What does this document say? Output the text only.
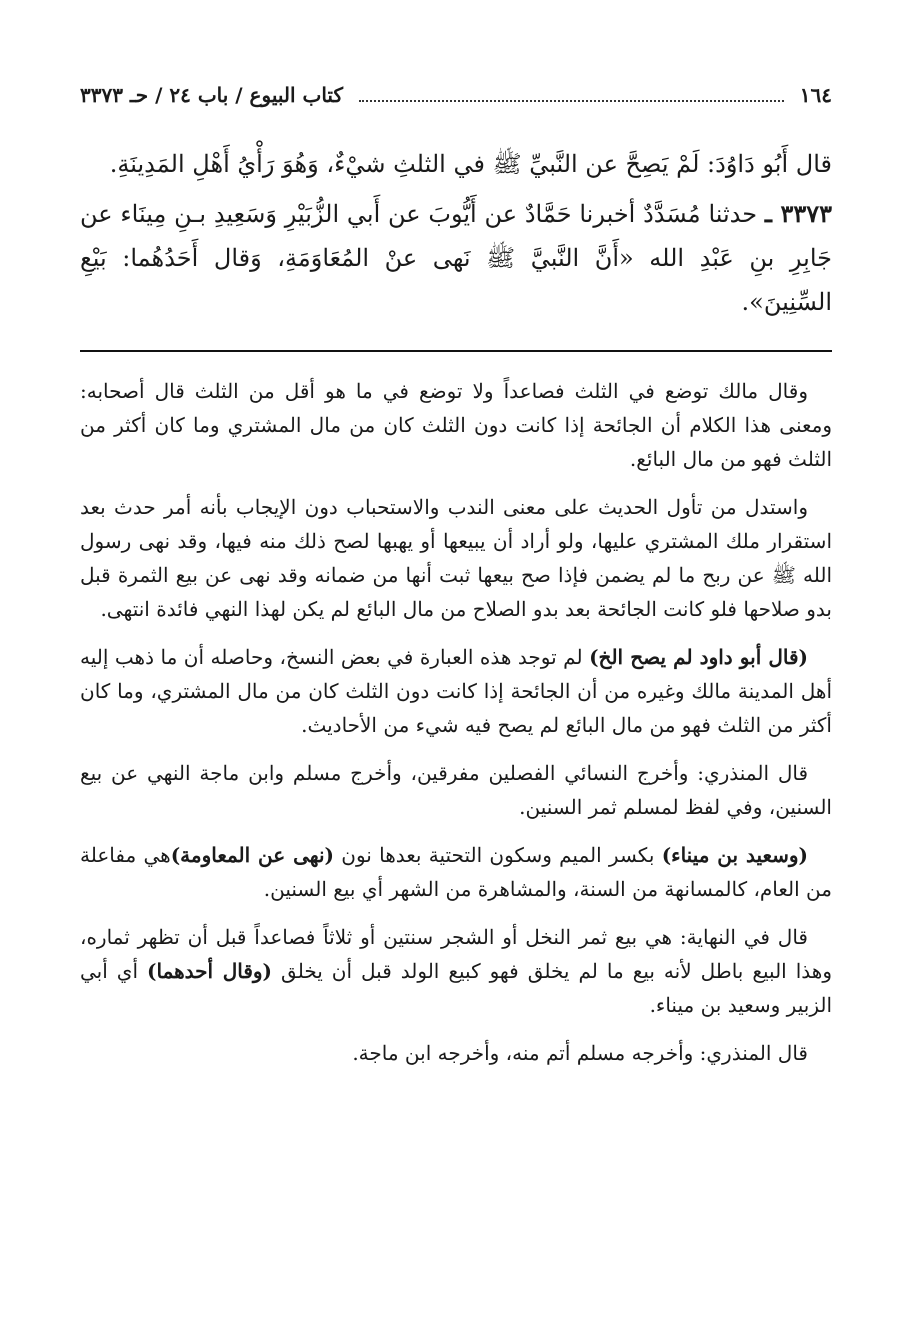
١٦٤
كتاب البيوع / باب ٢٤ / حـ ٣٣٧٣

قال أَبُو دَاوُدَ: لَمْ يَصِحَّ عن النَّبيِّ ﷺ في الثلثِ شيْءٌ، وَهُوَ رَأْيُ أَهْلِ المَدِينَةِ.

٣٣٧٣ ـ حدثنا مُسَدَّدٌ أخبرنا حَمَّادٌ عن أَيُّوبَ عن أَبي الزُّبَيْرِ وَسَعِيدِ بـنِ مِينَاء عن جَابِرِ بنِ عَبْدِ الله «أَنَّ النَّبيَّ ﷺ نَهى عنْ المُعَاوَمَةِ، وَقال أَحَدُهُما: بَيْعِ السِّنِينَ».

وقال مالك توضع في الثلث فصاعداً ولا توضع في ما هو أقل من الثلث قال أصحابه: ومعنى هذا الكلام أن الجائحة إذا كانت دون الثلث كان من مال المشتري وما كان أكثر من الثلث فهو من مال البائع.

واستدل من تأول الحديث على معنى الندب والاستحباب دون الإيجاب بأنه أمر حدث بعد استقرار ملك المشتري عليها، ولو أراد أن يبيعها أو يهبها لصح ذلك منه فيها، وقد نهى رسول الله ﷺ عن ربح ما لم يضمن فإذا صح بيعها ثبت أنها من ضمانه وقد نهى عن بيع الثمرة قبل بدو صلاحها فلو كانت الجائحة بعد بدو الصلاح من مال البائع لم يكن لهذا النهي فائدة انتهى.

(قال أبو داود لم يصح الخ) لم توجد هذه العبارة في بعض النسخ، وحاصله أن ما ذهب إليه أهل المدينة مالك وغيره من أن الجائحة إذا كانت دون الثلث كان من مال المشتري، وما كان أكثر من الثلث فهو من مال البائع لم يصح فيه شيء من الأحاديث.

قال المنذري: وأخرج النسائي الفصلين مفرقين، وأخرج مسلم وابن ماجة النهي عن بيع السنين، وفي لفظ لمسلم ثمر السنين.

(وسعيد بن ميناء) بكسر الميم وسكون التحتية بعدها نون (نهى عن المعاومة)هي مفاعلة من العام، كالمسانهة من السنة، والمشاهرة من الشهر أي بيع السنين.

قال في النهاية: هي بيع ثمر النخل أو الشجر سنتين أو ثلاثاً فصاعداً قبل أن تظهر ثماره، وهذا البيع باطل لأنه بيع ما لم يخلق فهو كبيع الولد قبل أن يخلق (وقال أحدهما) أي أبي الزبير وسعيد بن ميناء.

قال المنذري: وأخرجه مسلم أتم منه، وأخرجه ابن ماجة.
